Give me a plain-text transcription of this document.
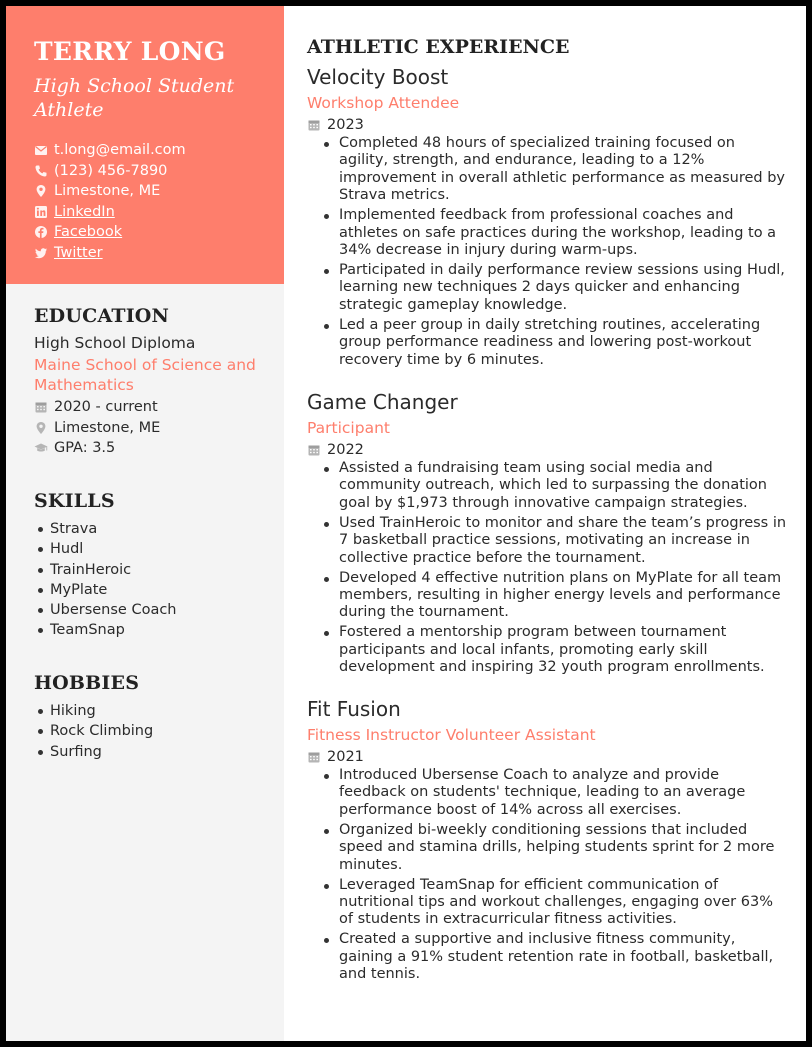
TERRY LONG
High School Student Athlete
t.long@email.com
(123) 456-7890
Limestone, ME
LinkedIn
Facebook
Twitter
EDUCATION
High School Diploma
Maine School of Science and Mathematics
2020 - current
Limestone, ME
GPA: 3.5
SKILLS
Strava
Hudl
TrainHeroic
MyPlate
Ubersense Coach
TeamSnap
HOBBIES
Hiking
Rock Climbing
Surfing
ATHLETIC EXPERIENCE
Velocity Boost
Workshop Attendee
2023
Completed 48 hours of specialized training focused on agility, strength, and endurance, leading to a 12% improvement in overall athletic performance as measured by Strava metrics.
Implemented feedback from professional coaches and athletes on safe practices during the workshop, leading to a 34% decrease in injury during warm-ups.
Participated in daily performance review sessions using Hudl, learning new techniques 2 days quicker and enhancing strategic gameplay knowledge.
Led a peer group in daily stretching routines, accelerating group performance readiness and lowering post-workout recovery time by 6 minutes.
Game Changer
Participant
2022
Assisted a fundraising team using social media and community outreach, which led to surpassing the donation goal by $1,973 through innovative campaign strategies.
Used TrainHeroic to monitor and share the team’s progress in 7 basketball practice sessions, motivating an increase in collective practice before the tournament.
Developed 4 effective nutrition plans on MyPlate for all team members, resulting in higher energy levels and performance during the tournament.
Fostered a mentorship program between tournament participants and local infants, promoting early skill development and inspiring 32 youth program enrollments.
Fit Fusion
Fitness Instructor Volunteer Assistant
2021
Introduced Ubersense Coach to analyze and provide feedback on students' technique, leading to an average performance boost of 14% across all exercises.
Organized bi-weekly conditioning sessions that included speed and stamina drills, helping students sprint for 2 more minutes.
Leveraged TeamSnap for efficient communication of nutritional tips and workout challenges, engaging over 63% of students in extracurricular fitness activities.
Created a supportive and inclusive fitness community, gaining a 91% student retention rate in football, basketball, and tennis.
